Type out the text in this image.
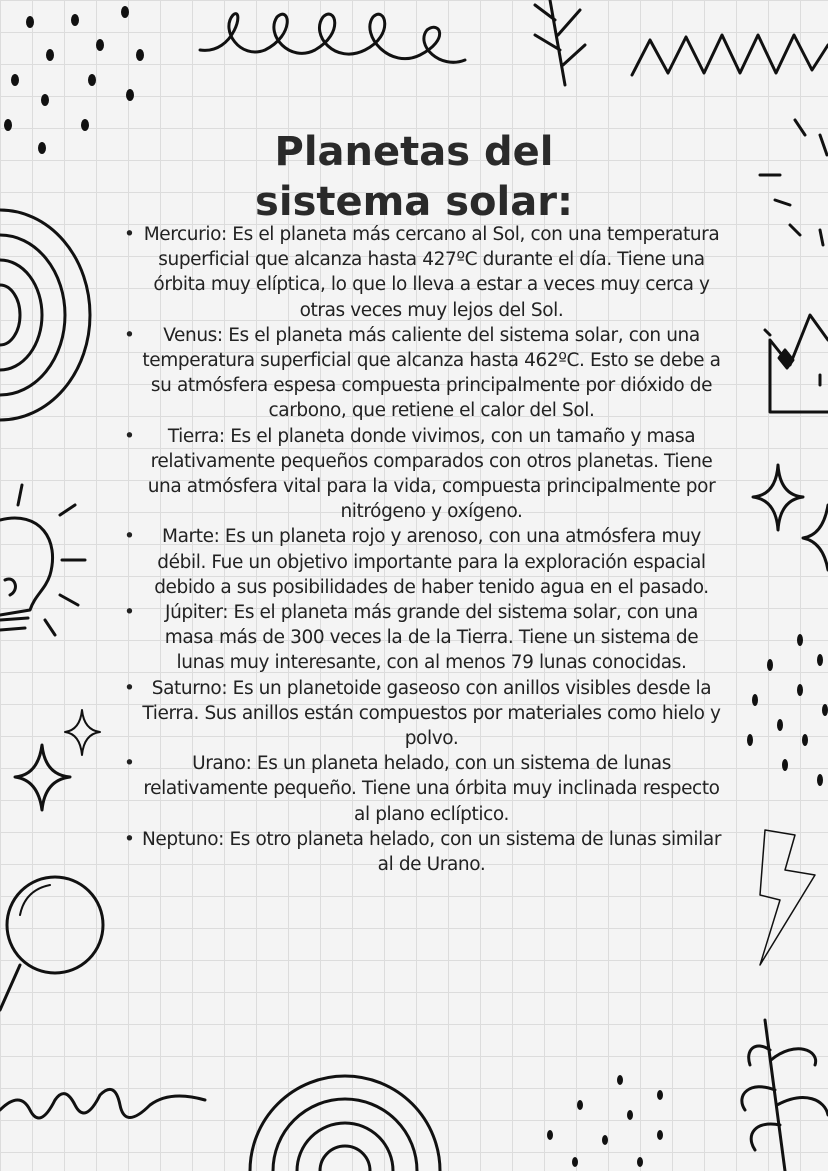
Planetas del sistema solar:
• Mercurio: Es el planeta más cercano al Sol, con una temperatura superficial que alcanza hasta 427ºC durante el día. Tiene una órbita muy elíptica, lo que lo lleva a estar a veces muy cerca y otras veces muy lejos del Sol.
• Venus: Es el planeta más caliente del sistema solar, con una temperatura superficial que alcanza hasta 462ºC. Esto se debe a su atmósfera espesa compuesta principalmente por dióxido de carbono, que retiene el calor del Sol.
• Tierra: Es el planeta donde vivimos, con un tamaño y masa relativamente pequeños comparados con otros planetas. Tiene una atmósfera vital para la vida, compuesta principalmente por nitrógeno y oxígeno.
• Marte: Es un planeta rojo y arenoso, con una atmósfera muy débil. Fue un objetivo importante para la exploración espacial debido a sus posibilidades de haber tenido agua en el pasado.
• Júpiter: Es el planeta más grande del sistema solar, con una masa más de 300 veces la de la Tierra. Tiene un sistema de lunas muy interesante, con al menos 79 lunas conocidas.
• Saturno: Es un planetoide gaseoso con anillos visibles desde la Tierra. Sus anillos están compuestos por materiales como hielo y polvo.
•	Urano: Es un planeta helado, con un sistema de lunas relativamente pequeño. Tiene una órbita muy inclinada respecto al plano eclíptico.
• Neptuno: Es otro planeta helado, con un sistema de lunas similar al de Urano.
